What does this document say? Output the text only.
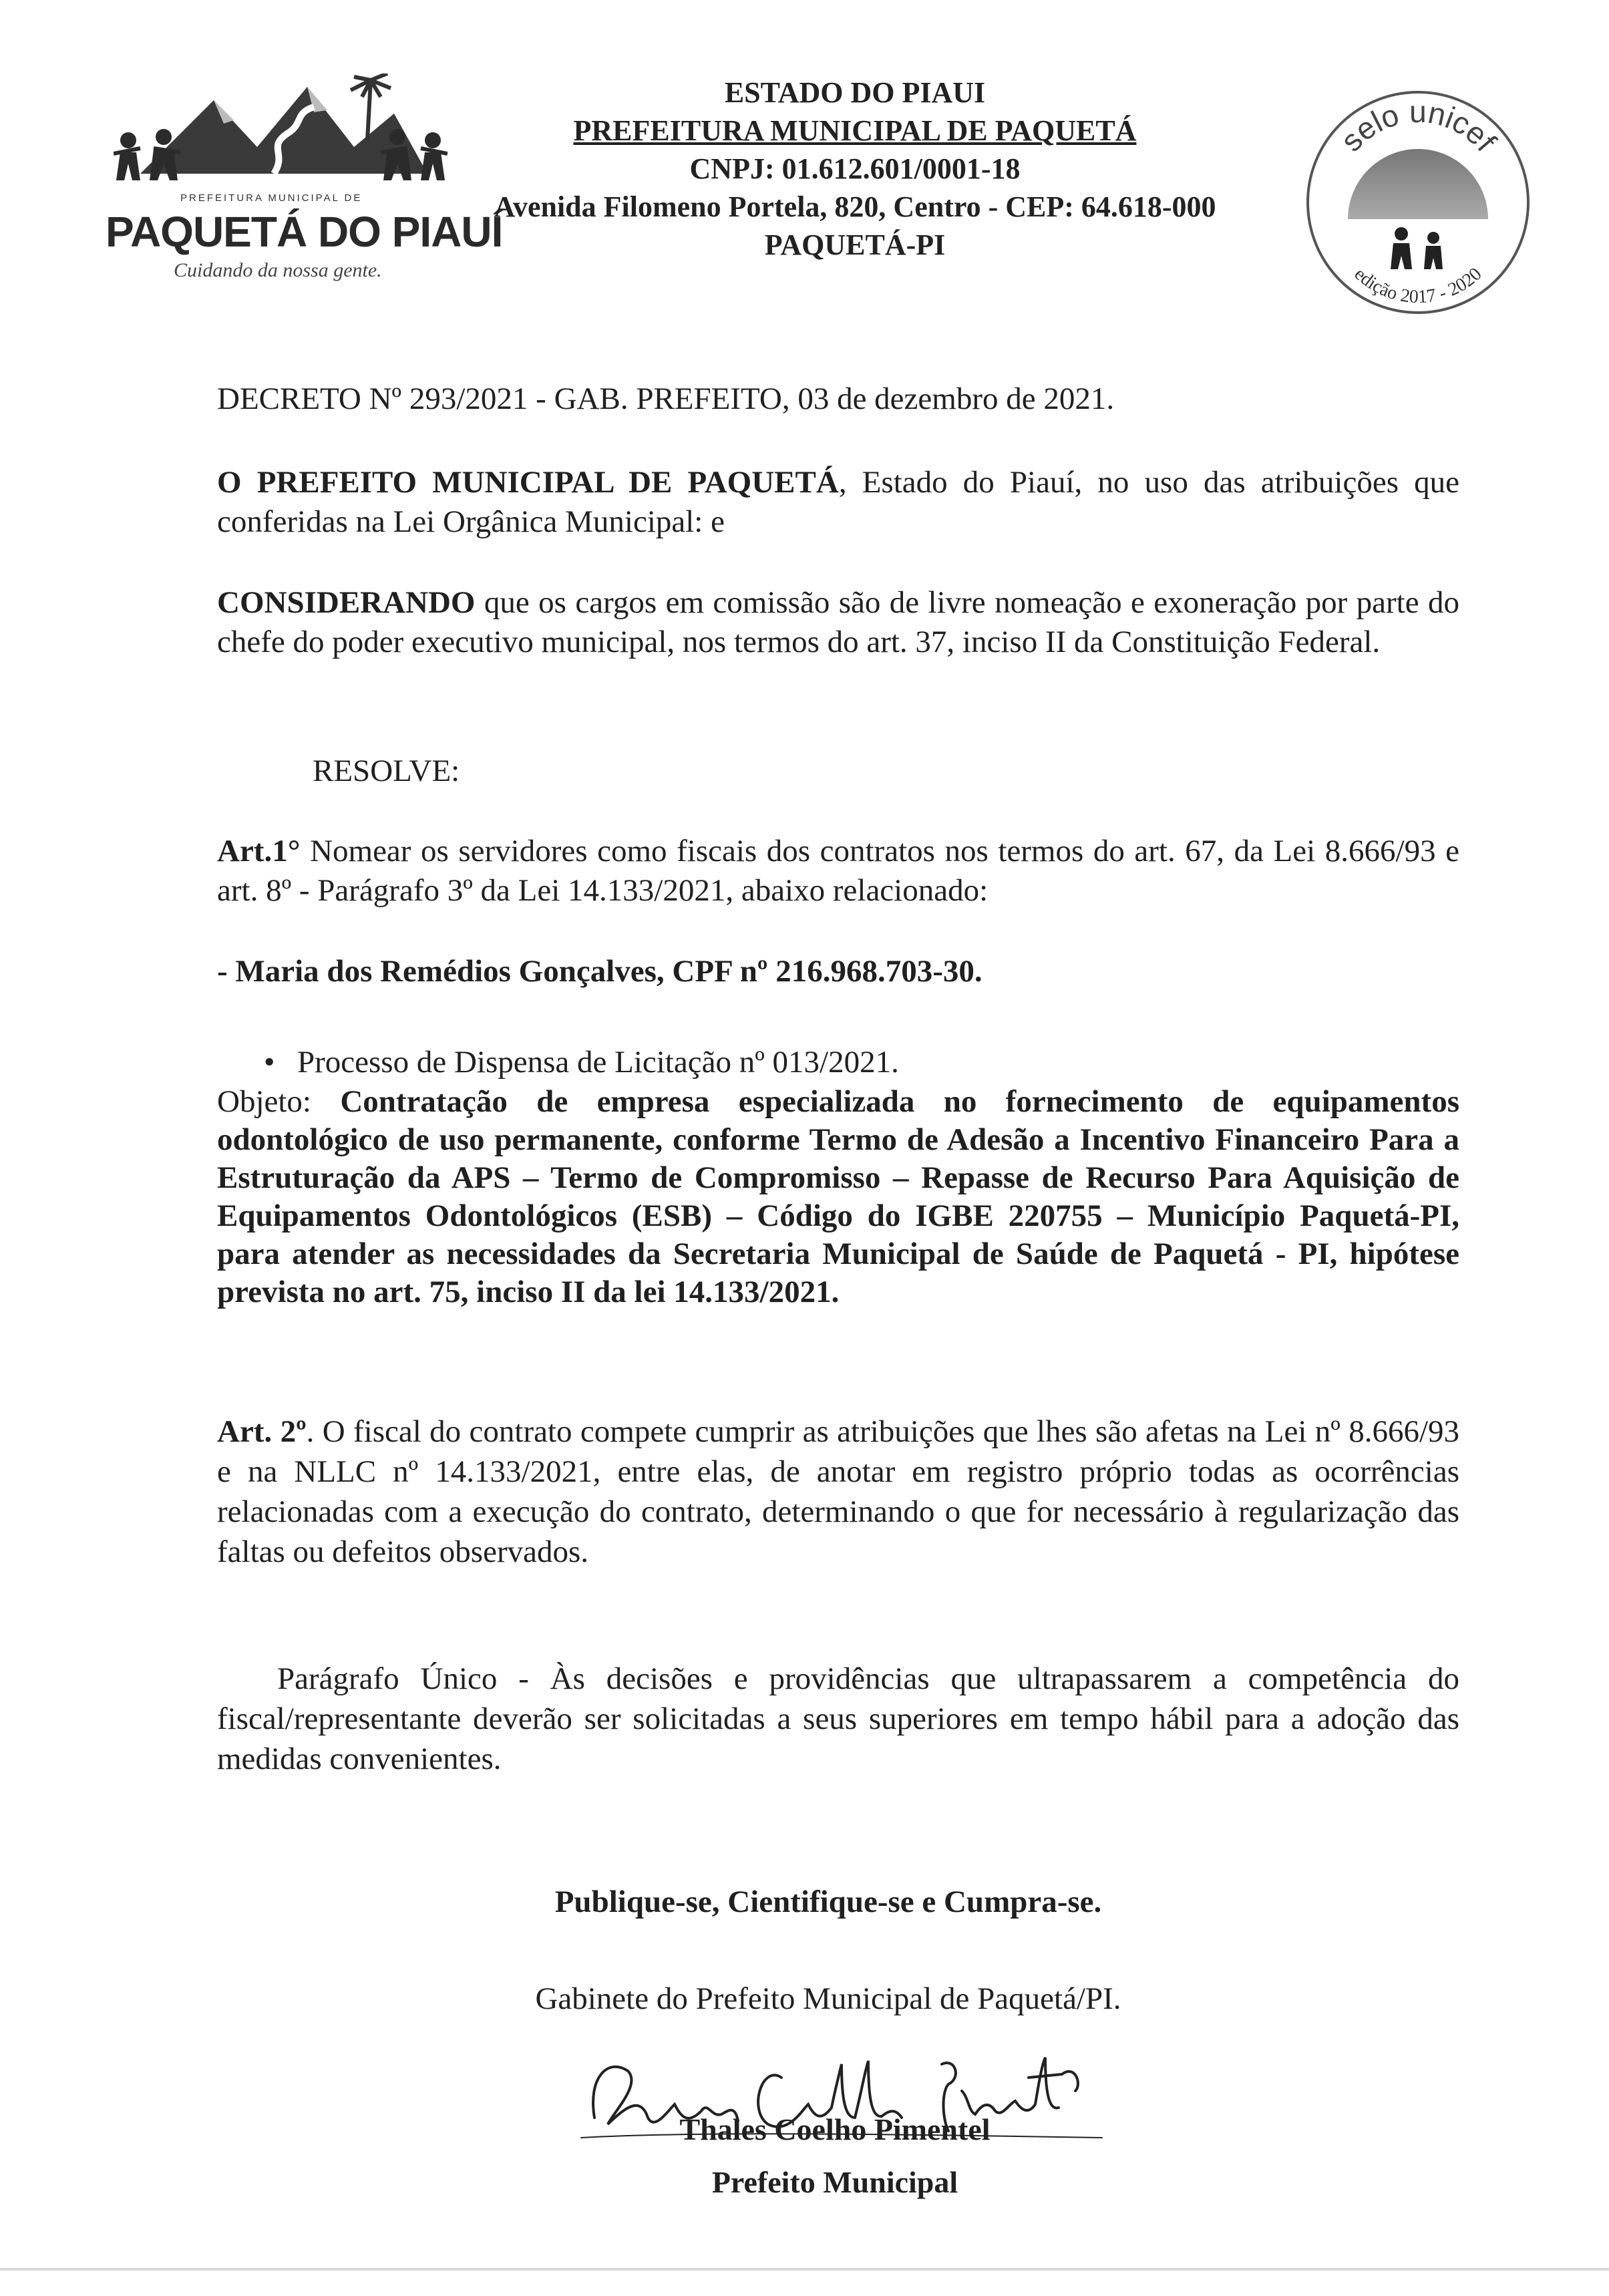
PREFEITURA MUNICIPAL DE
PAQUETÁ DO PIAUÍ
Cuidando da nossa gente.
ESTADO DO PIAUI
PREFEITURA MUNICIPAL DE PAQUETÁ
CNPJ: 01.612.601/0001-18
Avenida Filomeno Portela, 820, Centro - CEP: 64.618-000
PAQUETÁ-PI
selo unicef
edição 2017 - 2020
DECRETO Nº 293/2021 - GAB. PREFEITO, 03 de dezembro de 2021.
O PREFEITO MUNICIPAL DE PAQUETÁ, Estado do Piauí, no uso das atribuições que conferidas na Lei Orgânica Municipal: e
CONSIDERANDO que os cargos em comissão são de livre nomeação e exoneração por parte do chefe do poder executivo municipal, nos termos do art. 37, inciso II da Constituição Federal.
RESOLVE:
Art.1° Nomear os servidores como fiscais dos contratos nos termos do art. 67, da Lei 8.666/93 e art. 8º - Parágrafo 3º da Lei 14.133/2021, abaixo relacionado:
- Maria dos Remédios Gonçalves, CPF nº 216.968.703-30.
• Processo de Dispensa de Licitação nº 013/2021.
Objeto: Contratação de empresa especializada no fornecimento de equipamentos odontológico de uso permanente, conforme Termo de Adesão a Incentivo Financeiro Para a Estruturação da APS – Termo de Compromisso – Repasse de Recurso Para Aquisição de Equipamentos Odontológicos (ESB) – Código do IGBE 220755 – Município Paquetá-PI, para atender as necessidades da Secretaria Municipal de Saúde de Paquetá - PI, hipótese prevista no art. 75, inciso II da lei 14.133/2021.
Art. 2º. O fiscal do contrato compete cumprir as atribuições que lhes são afetas na Lei nº 8.666/93 e na NLLC nº 14.133/2021, entre elas, de anotar em registro próprio todas as ocorrências relacionadas com a execução do contrato, determinando o que for necessário à regularização das faltas ou defeitos observados.
Parágrafo Único - Às decisões e providências que ultrapassarem a competência do fiscal/representante deverão ser solicitadas a seus superiores em tempo hábil para a adoção das medidas convenientes.
Publique-se, Cientifique-se e Cumpra-se.
Gabinete do Prefeito Municipal de Paquetá/PI.
Thales Coelho Pimentel
Prefeito Municipal
